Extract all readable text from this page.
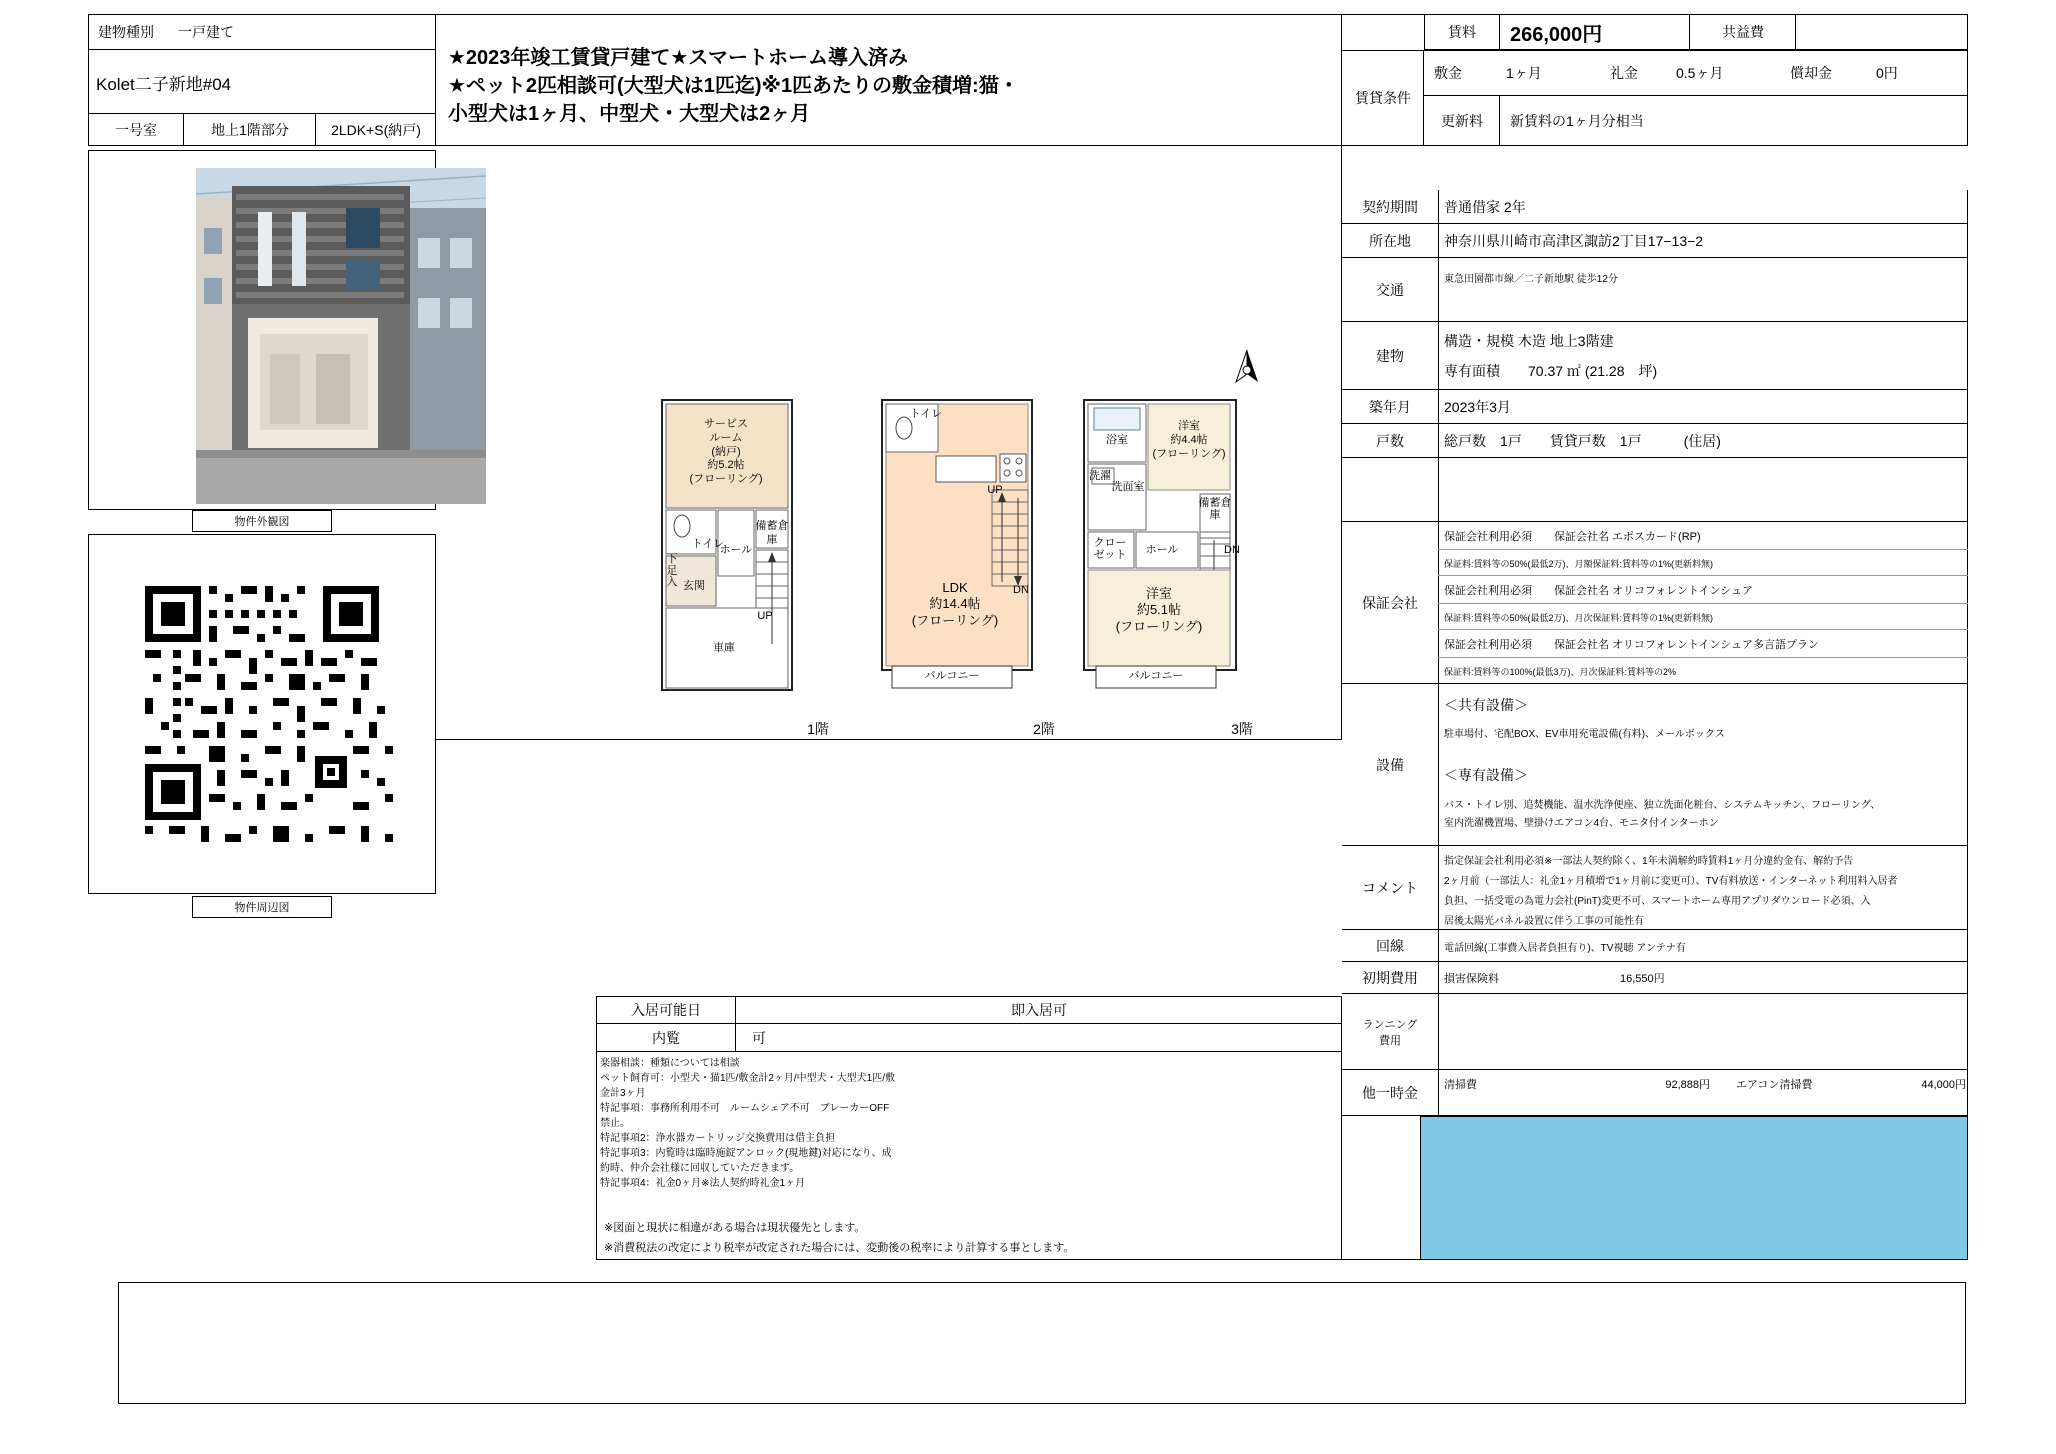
建物種別	一戸建て
Kolet二子新地#04
一号室	地上1階部分	2LDK+S(納戸)
★2023年竣工賃貸戸建て★スマートホーム導入済み
★ペット2匹相談可(大型犬は1匹迄)※1匹あたりの敷金積増:猫・
小型犬は1ヶ月、中型犬・大型犬は2ヶ月
賃料	266,000円	共益費
賃貸条件
敷金	1ヶ月	礼金	0.5ヶ月	償却金	0円
更新料	新賃料の1ヶ月分相当
物件外観図
物件周辺図
サービス
ルーム
(納戸)
約5.2帖
(フローリング)
備蓄倉庫
トイレ
ホール
玄関
下足入
車庫
UP
1階
トイレ
LDK
約14.4帖
(フローリング)
バルコニー
UP
DN
2階
浴室
洗面室
洗濯
洋室
約4.4帖
(フローリング)
備蓄倉庫
クロー
ゼット	ホール	DN
洋室
約5.1帖
(フローリング)
バルコニー
3階
入居可能日	即入居可
内覧	可
楽器相談：種類については相談
ペット飼育可：小型犬・猫1匹/敷金計2ヶ月/中型犬・大型犬1匹/敷
金計3ヶ月
特記事項：事務所利用不可　ルームシェア不可　ブレーカーOFF
禁止。
特記事項2：浄水器カートリッジ交換費用は借主負担
特記事項3：内覧時は臨時施錠アンロック(現地鍵)対応になり、成
約時、仲介会社様に回収していただきます。
特記事項4：礼金0ヶ月※法人契約時礼金1ヶ月
※図面と現状に相違がある場合は現状優先とします。
※消費税法の改定により税率が改定された場合には、変動後の税率により計算する事とします。
契約期間	普通借家 2年
所在地	神奈川県川崎市高津区諏訪2丁目17−13−2
交通
東急田園都市線／二子新地駅 徒歩12分
建物
構造・規模 木造 地上3階建
専有面積　　70.37 ㎡ (21.28　坪)
築年月	2023年3月
戸数	総戸数　1戸　　賃貸戸数　1戸　　　(住居)
保証会社
保証会社利用必須　　保証会社名 エポスカード(RP)
保証料:賃料等の50%(最低2万)、月額保証料:賃料等の1%(更新料無)
保証会社利用必須　　保証会社名 オリコフォレントインシュア
保証料:賃料等の50%(最低2万)、月次保証料:賃料等の1%(更新料無)
保証会社利用必須　　保証会社名 オリコフォレントインシュア多言語プラン
保証料:賃料等の100%(最低3万)、月次保証料:賃料等の2%
設備
＜共有設備＞
駐車場付、宅配BOX、EV車用充電設備(有料)、メールボックス
＜専有設備＞
バス・トイレ別、追焚機能、温水洗浄便座、独立洗面化粧台、システムキッチン、フローリング、
室内洗濯機置場、壁掛けエアコン4台、モニタ付インターホン
コメント
指定保証会社利用必須※一部法人契約除く、1年未満解約時賃料1ヶ月分違約金有、解約予告
2ヶ月前（一部法人：礼金1ヶ月積増で1ヶ月前に変更可）、TV有料放送・インターネット利用料入居者
負担、一括受電の為電力会社(PinT)変更不可、スマートホーム専用アプリダウンロード必須、入
居後太陽光パネル設置に伴う工事の可能性有
回線	電話回線(工事費入居者負担有り)、TV視聴 アンテナ有
初期費用	損害保険料	16,550円
ランニング
費用
他一時金	清掃費	92,888円 エアコン清掃費	44,000円
